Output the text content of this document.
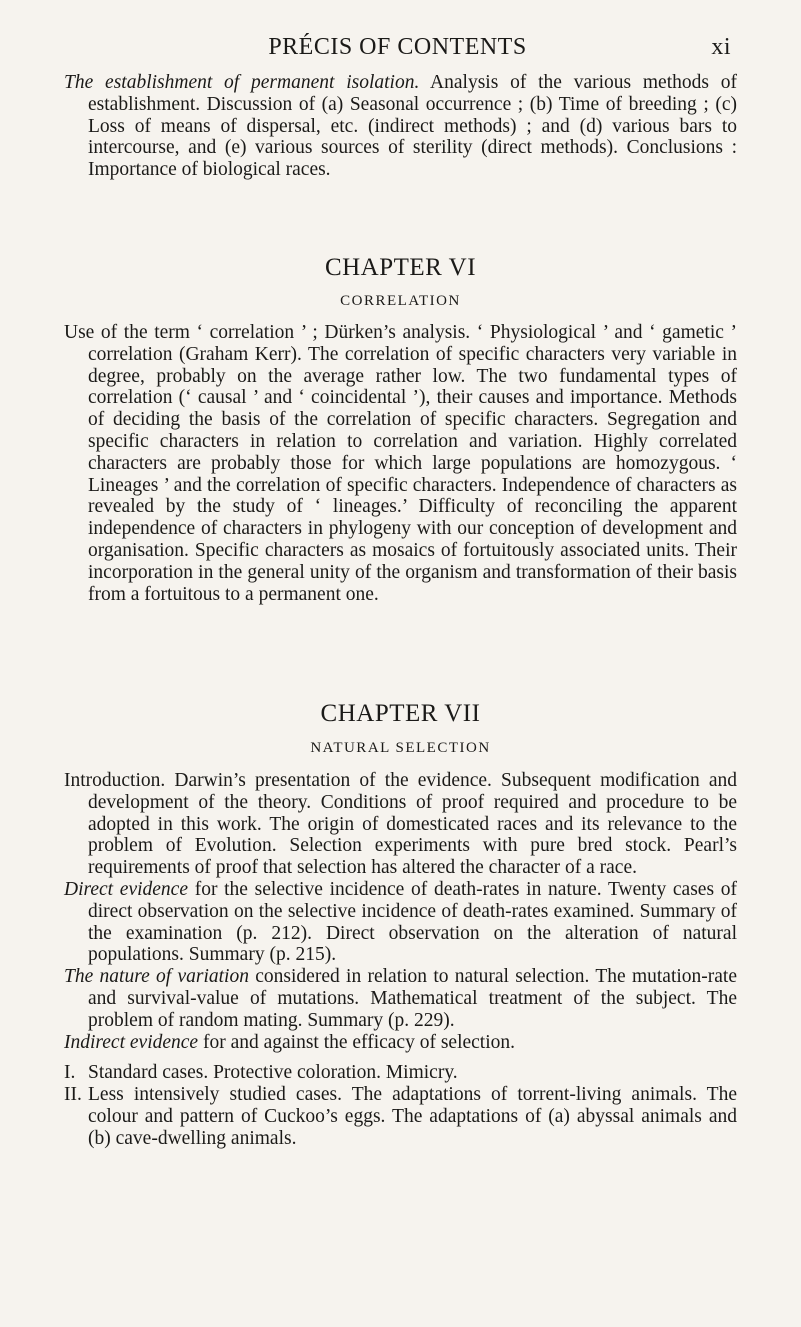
PRÉCIS OF CONTENTS	xi

The establishment of permanent isolation. Analysis of the various methods of establishment. Discussion of (a) Seasonal occurrence ; (b) Time of breeding ; (c) Loss of means of dispersal, etc. (indirect methods) ; and (d) various bars to intercourse, and (e) various sources of sterility (direct methods). Conclusions : Importance of biological races.

CHAPTER VI

CORRELATION

Use of the term ‘ correlation ’ ; Dürken’s analysis. ‘ Physiological ’ and ‘ gametic ’ correlation (Graham Kerr). The correlation of specific characters very variable in degree, probably on the average rather low. The two fundamental types of correlation (‘ causal ’ and ‘ coincidental ’), their causes and importance. Methods of deciding the basis of the correlation of specific characters. Segregation and specific characters in relation to correlation and variation. Highly correlated characters are probably those for which large populations are homozygous. ‘ Lineages ’ and the correlation of specific characters. Independence of characters as revealed by the study of ‘ lineages.’ Difficulty of reconciling the apparent independence of characters in phylogeny with our conception of development and organisation. Specific characters as mosaics of fortuitously associated units. Their incorporation in the general unity of the organism and transformation of their basis from a fortuitous to a permanent one.

CHAPTER VII

NATURAL SELECTION

Introduction. Darwin’s presentation of the evidence. Subsequent modification and development of the theory. Conditions of proof required and procedure to be adopted in this work. The origin of domesticated races and its relevance to the problem of Evolution. Selection experiments with pure bred stock. Pearl’s requirements of proof that selection has altered the character of a race.

Direct evidence for the selective incidence of death-rates in nature. Twenty cases of direct observation on the selective incidence of death-rates examined. Summary of the examination (p. 212). Direct observation on the alteration of natural populations. Summary (p. 215).

The nature of variation considered in relation to natural selection. The mutation-rate and survival-value of mutations. Mathematical treatment of the subject. The problem of random mating. Summary (p. 229).

Indirect evidence for and against the efficacy of selection.

I. Standard cases. Protective coloration. Mimicry.
II. Less intensively studied cases. The adaptations of torrent-living animals. The colour and pattern of Cuckoo’s eggs. The adaptations of (a) abyssal animals and (b) cave-dwelling animals.
